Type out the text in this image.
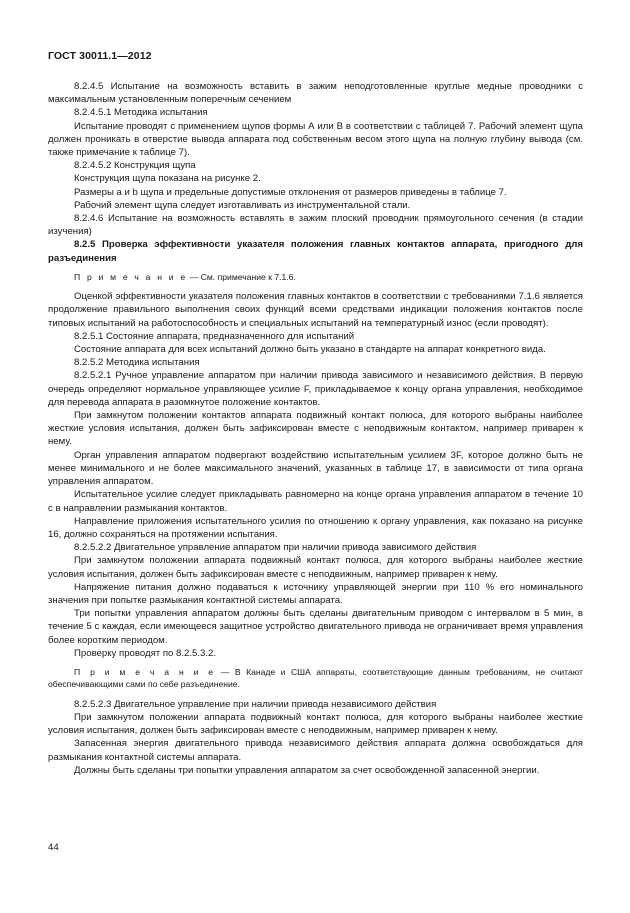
ГОСТ 30011.1—2012

8.2.4.5 Испытание на возможность вставить в зажим неподготовленные круглые медные проводники с максимальным установленным поперечным сечением

8.2.4.5.1 Методика испытания

Испытание проводят с применением щупов формы А или В в соответствии с таблицей 7. Рабочий элемент щупа должен проникать в отверстие вывода аппарата под собственным весом этого щупа на полную глубину вывода (см. также примечание к таблице 7).

8.2.4.5.2 Конструкция щупа

Конструкция щупа показана на рисунке 2.

Размеры а и b щупа и предельные допустимые отклонения от размеров приведены в таблице 7.

Рабочий элемент щупа следует изготавливать из инструментальной стали.

8.2.4.6 Испытание на возможность вставлять в зажим плоский проводник прямоугольного сечения (в стадии изучения)

8.2.5 Проверка эффективности указателя положения главных контактов аппарата, пригодного для разъединения

П р и м е ч а н и е — См. примечание к 7.1.6.

Оценкой эффективности указателя положения главных контактов в соответствии с требованиями 7.1.6 является продолжение правильного выполнения своих функций всеми средствами индикации положения контактов после типовых испытаний на работоспособность и специальных испытаний на температурный износ (если проводят).

8.2.5.1 Состояние аппарата, предназначенного для испытаний

Состояние аппарата для всех испытаний должно быть указано в стандарте на аппарат конкретного вида.

8.2.5.2 Методика испытания

8.2.5.2.1 Ручное управление аппаратом при наличии привода зависимого и независимого действия. В первую очередь определяют нормальное управляющее усилие F, прикладываемое к концу органа управления, необходимое для перевода аппарата в разомкнутое положение контактов.

При замкнутом положении контактов аппарата подвижный контакт полюса, для которого выбраны наиболее жесткие условия испытания, должен быть зафиксирован вместе с неподвижным контактом, например приварен к нему.

Орган управления аппаратом подвергают воздействию испытательным усилием 3F, которое должно быть не менее минимального и не более максимального значений, указанных в таблице 17, в зависимости от типа органа управления аппаратом.

Испытательное усилие следует прикладывать равномерно на конце органа управления аппаратом в течение 10 с в направлении размыкания контактов.

Направление приложения испытательного усилия по отношению к органу управления, как показано на рисунке 16, должно сохраняться на протяжении испытания.

8.2.5.2.2 Двигательное управление аппаратом при наличии привода зависимого действия

При замкнутом положении аппарата подвижный контакт полюса, для которого выбраны наиболее жесткие условия испытания, должен быть зафиксирован вместе с неподвижным, например приварен к нему.

Напряжение питания должно подаваться к источнику управляющей энергии при 110 % его номинального значения при попытке размыкания контактной системы аппарата.

Три попытки управления аппаратом должны быть сделаны двигательным приводом с интервалом в 5 мин, в течение 5 с каждая, если имеющееся защитное устройство двигательного привода не ограничивает время управления более коротким периодом.

Проверку проводят по 8.2.5.3.2.

П р и м е ч а н и е — В Канаде и США аппараты, соответствующие данным требованиям, не считают обеспечивающими сами по себе разъединение.

8.2.5.2.3 Двигательное управление при наличии привода независимого действия

При замкнутом положении аппарата подвижный контакт полюса, для которого выбраны наиболее жесткие условия испытания, должен быть зафиксирован вместе с неподвижным, например приварен к нему.

Запасенная энергия двигательного привода независимого действия аппарата должна освобождаться для размыкания контактной системы аппарата.

Должны быть сделаны три попытки управления аппаратом за счет освобожденной запасенной энергии.

44
